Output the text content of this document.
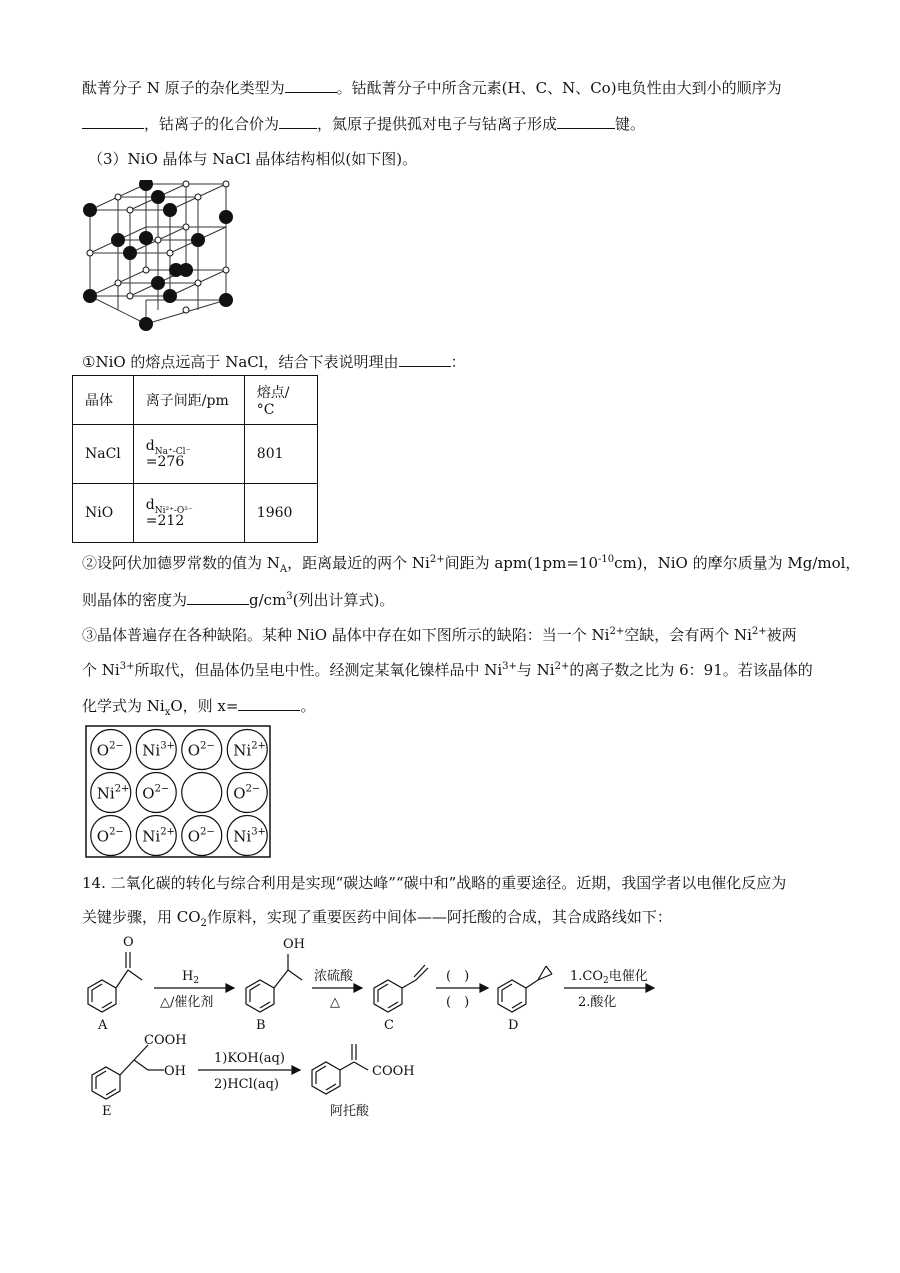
酞菁分子 N 原子的杂化类型为	。钴酞菁分子中所含元素(H、C、N、Co)电负性由大到小的顺序为
，钴离子的化合价为	，氮原子提供孤对电子与钴离子形成	键。
（3）NiO 晶体与 NaCl 晶体结构相似(如下图)。
①NiO 的熔点远高于 NaCl，结合下表说明理由	：
晶体	离子间距/pm	熔点/°C
NaCl	$d_{Na^+-Cl^-} =276$	801
NiO	$d_{Ni^{2+}-O^{2-}} =212$	1960
②设阿伏加德罗常数的值为 $N_A$，距离最近的两个 $Ni^{2+}$间距为 $apm(1pm=10^{-10}cm)$，NiO 的摩尔质量为 Mg/mol，
则晶体的密度为	$g/cm^3$(列出计算式)。
③晶体普遍存在各种缺陷。某种 NiO 晶体中存在如下图所示的缺陷：当一个 $Ni^{2+}$空缺，会有两个 $Ni^{2+}$被两
个 $Ni^{3+}$所取代，但晶体仍呈电中性。经测定某氧化镍样品中 $Ni^{3+}$与 $Ni^{2+}$的离子数之比为 6：91。若该晶体的
化学式为 $Ni_xO$，则 x=	。
$O^{2-}$ $Ni^{3+}$ $O^{2-}$ $Ni^{2+}$
$Ni^{2+}$ $O^{2-}$	$O^{2-}$
$O^{2-}$ $Ni^{2+}$ $O^{2-}$ $Ni^{3+}$
14. 二氧化碳的转化与综合利用是实现“碳达峰”“碳中和”战略的重要途径。近期，我国学者以电催化反应为
关键步骤，用 $CO_2$作原料，实现了重要医药中间体——阿托酸的合成，其合成路线如下：
O	OH
$H_2$
△/催化剂
浓硫酸
△
(　)
(　)
$1.CO_2$电催化
2.酸化
A	B	C	D
COOH
OH
1)KOH(aq)
2)HCl(aq)
COOH
E	阿托酸
